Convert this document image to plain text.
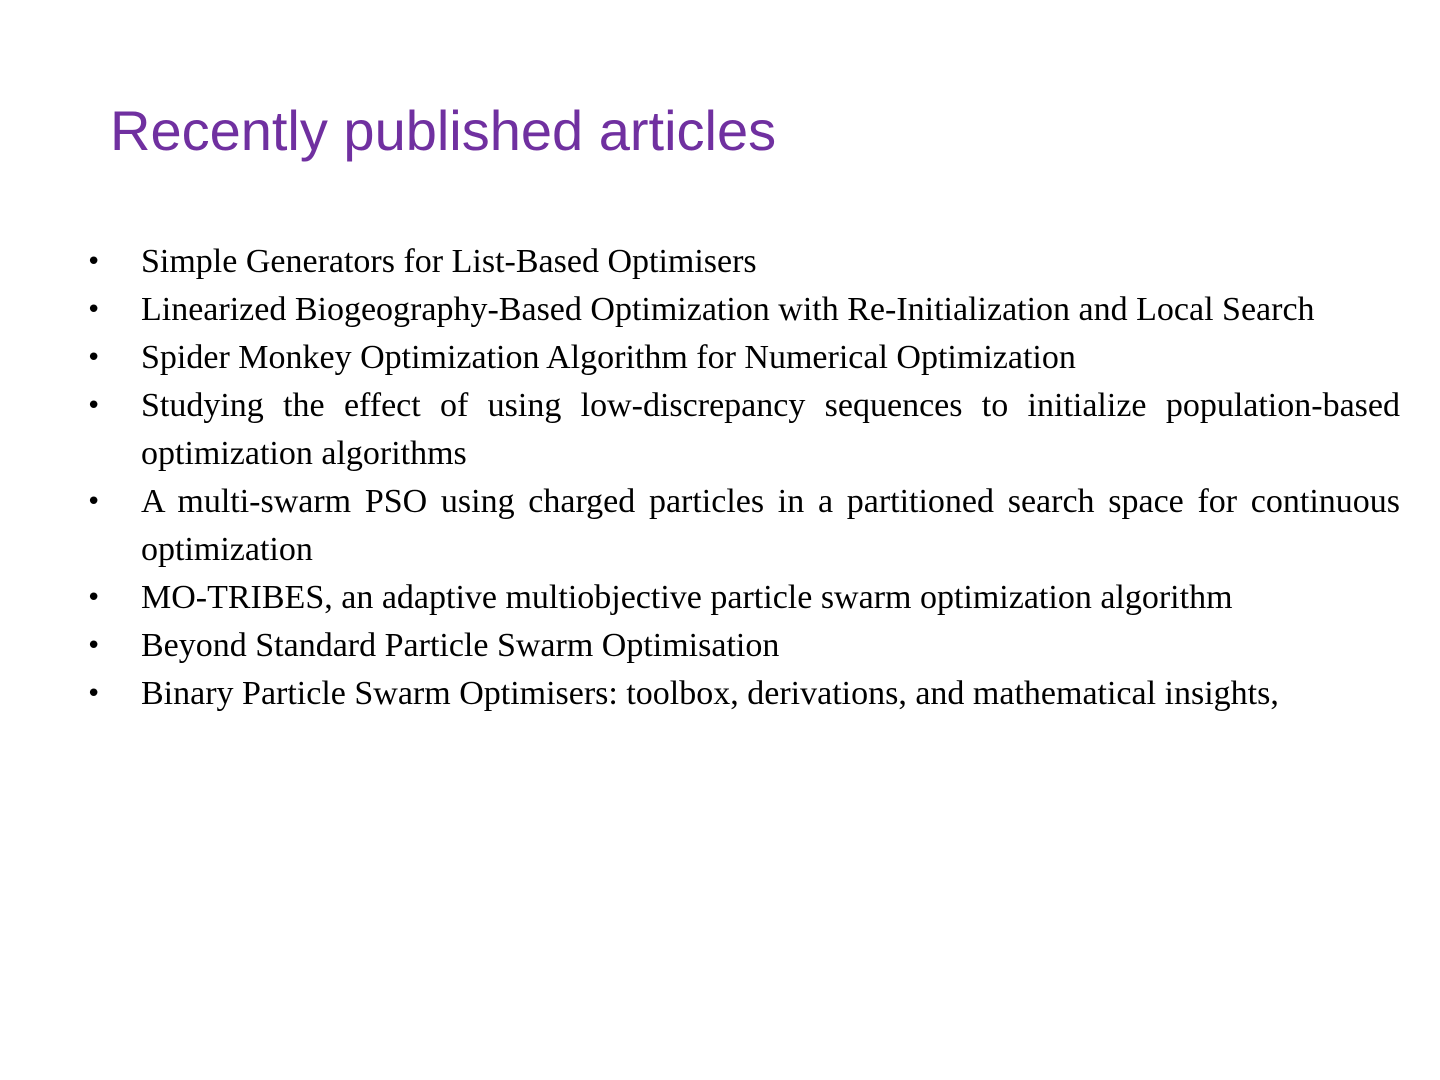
Recently published articles
• Simple Generators for List-Based Optimisers
• Linearized Biogeography-Based Optimization with Re-Initialization and Local Search
• Spider Monkey Optimization Algorithm for Numerical Optimization
• Studying the effect of using low-discrepancy sequences to initialize population-based optimization algorithms
• A multi-swarm PSO using charged particles in a partitioned search space for continuous optimization
• MO-TRIBES, an adaptive multiobjective particle swarm optimization algorithm
• Beyond Standard Particle Swarm Optimisation
• Binary Particle Swarm Optimisers: toolbox, derivations, and mathematical insights,
